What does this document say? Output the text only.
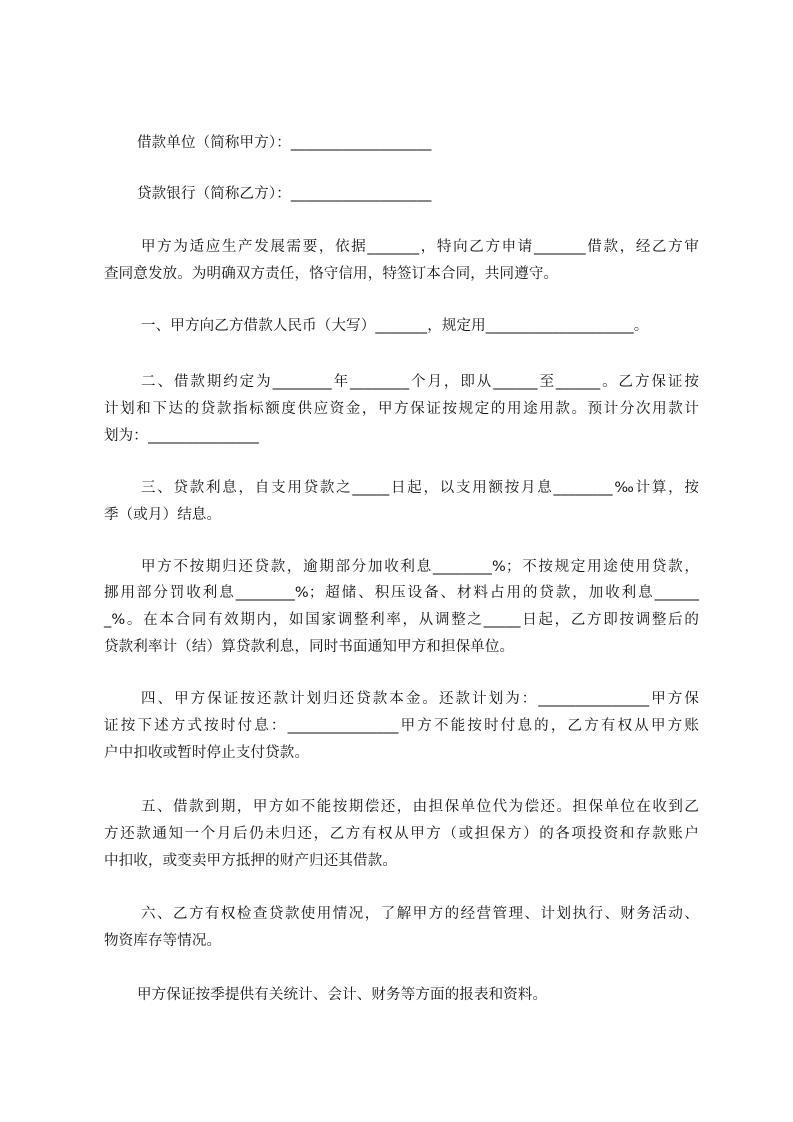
借款单位（简称甲方）：___________________
贷款银行（简称乙方）：___________________
甲方为适应生产发展需要，依据_______，特向乙方申请_______借款，经乙方审
查同意发放。为明确双方责任，恪守信用，特签订本合同，共同遵守。
一、甲方向乙方借款人民币（大写）_______，规定用____________________。
二、借款期约定为________年________个月，即从______至______。乙方保证按
计划和下达的贷款指标额度供应资金，甲方保证按规定的用途用款。预计分次用款计
划为：_______________
三、贷款利息，自支用贷款之_____日起，以支用额按月息________‰计算，按
季（或月）结息。
甲方不按期归还贷款，逾期部分加收利息________%；不按规定用途使用贷款，
挪用部分罚收利息________%；超储、积压设备、材料占用的贷款，加收利息______
_%。在本合同有效期内，如国家调整利率，从调整之_____日起，乙方即按调整后的
贷款利率计（结）算贷款利息，同时书面通知甲方和担保单位。
四、甲方保证按还款计划归还贷款本金。还款计划为：_______________甲方保
证按下述方式按时付息：_______________甲方不能按时付息的，乙方有权从甲方账
户中扣收或暂时停止支付贷款。
五、借款到期，甲方如不能按期偿还，由担保单位代为偿还。担保单位在收到乙
方还款通知一个月后仍未归还，乙方有权从甲方（或担保方）的各项投资和存款账户
中扣收，或变卖甲方抵押的财产归还其借款。
六、乙方有权检查贷款使用情况，了解甲方的经营管理、计划执行、财务活动、
物资库存等情况。
甲方保证按季提供有关统计、会计、财务等方面的报表和资料。
